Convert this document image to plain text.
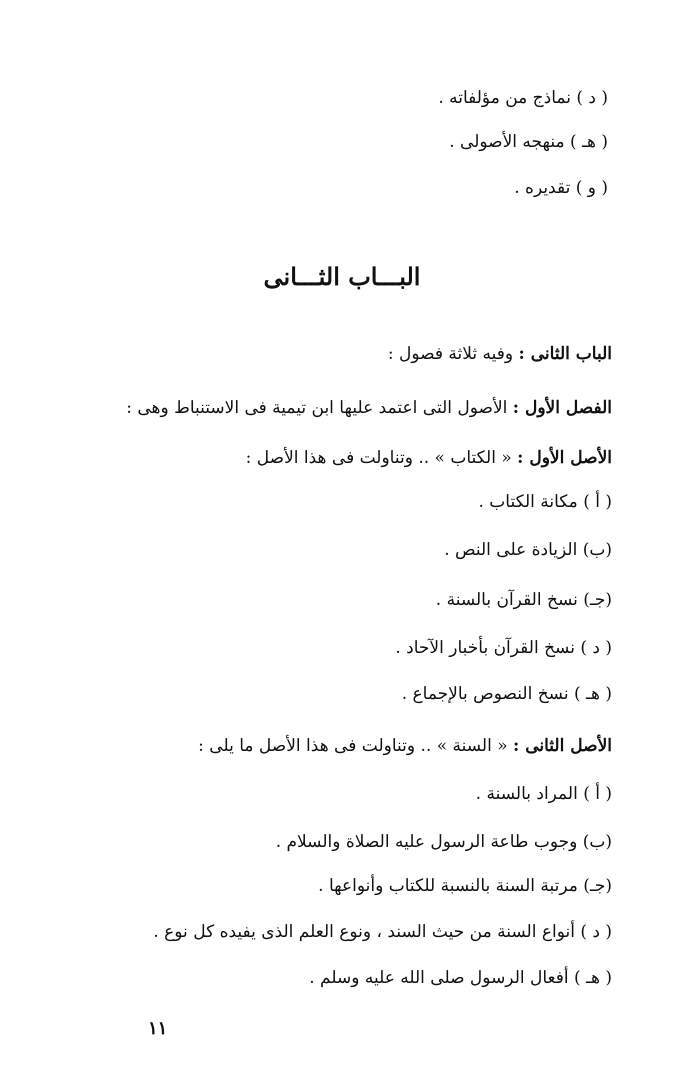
( د ) نماذج من مؤلفاته .
( هـ ) منهجه الأصولى .
( و ) تقديره .
البـــاب الثـــانى
الباب الثانى : وفيه ثلاثة فصول :
الفصل الأول : الأصول التى اعتمد عليها ابن تيمية فى الاستنباط وهى :
الأصل الأول : « الكتاب » .. وتناولت فى هذا الأصل :
( أ ) مكانة الكتاب .
(ب) الزيادة على النص .
(جـ) نسخ القرآن بالسنة .
( د ) نسخ القرآن بأخبار الآحاد .
( هـ ) نسخ النصوص بالإجماع .
الأصل الثانى : « السنة » .. وتناولت فى هذا الأصل ما يلى :
( أ ) المراد بالسنة .
(ب) وجوب طاعة الرسول عليه الصلاة والسلام .
(جـ) مرتبة السنة بالنسبة للكتاب وأنواعها .
( د ) أنواع السنة من حيث السند ، ونوع العلم الذى يفيده كل نوع .
( هـ ) أفعال الرسول صلى الله عليه وسلم .
١١
